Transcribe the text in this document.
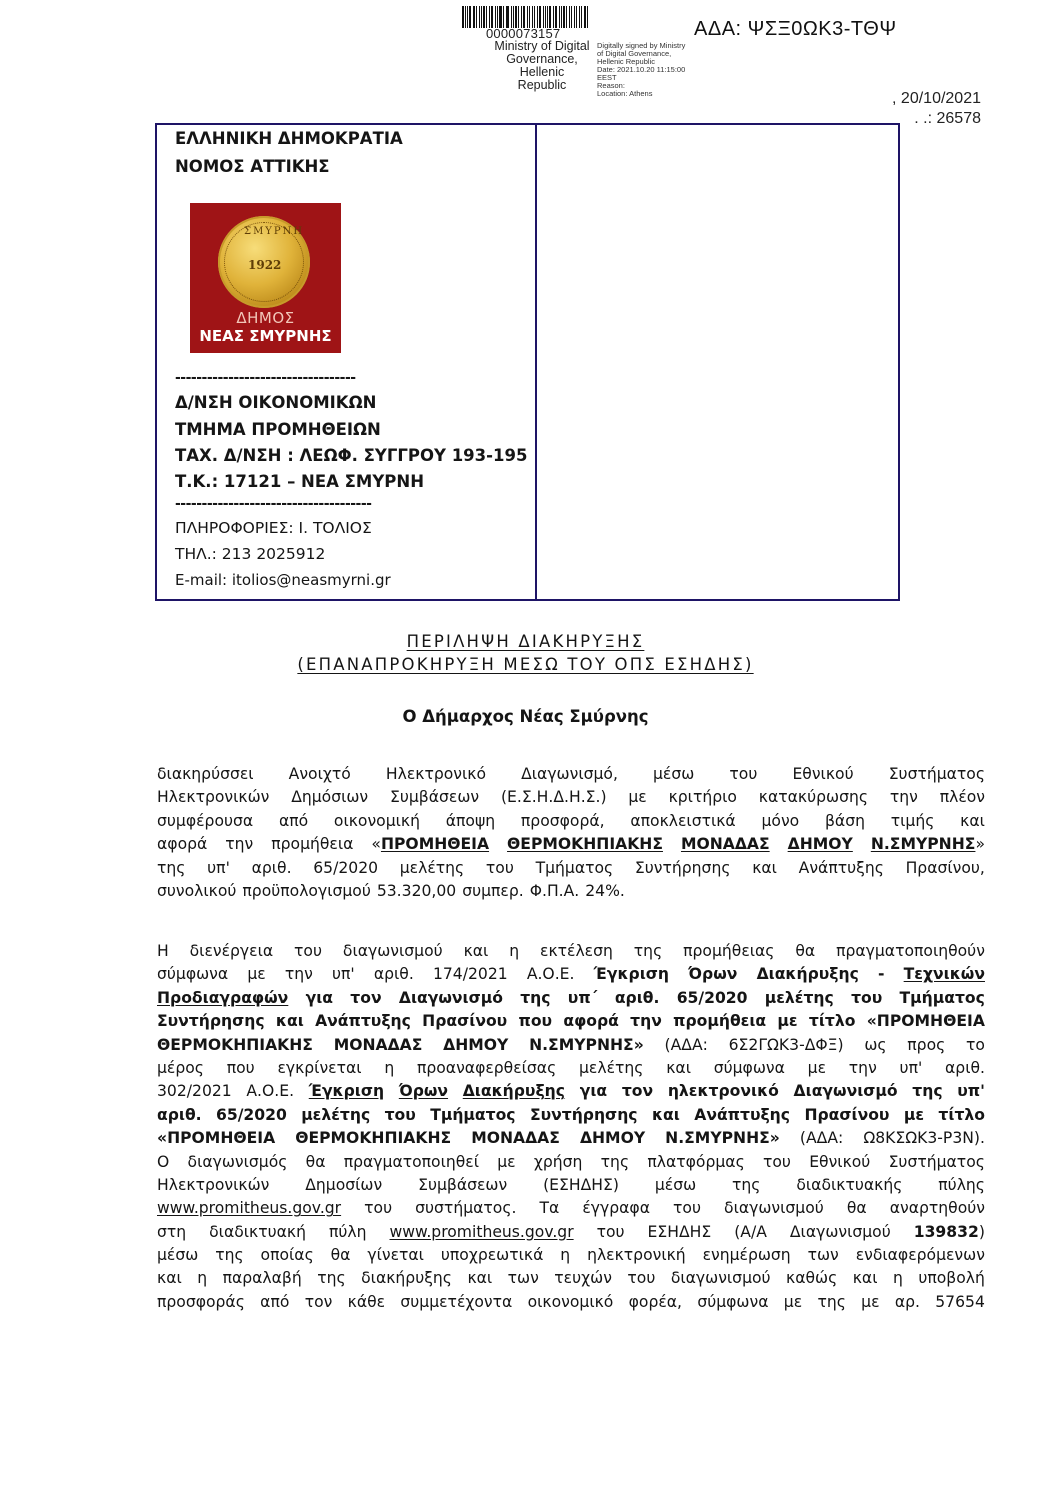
0000073157
Ministry of Digital
Governance,
Hellenic Republic
Digitally signed by Ministry
of Digital Governance,
Hellenic Republic
Date: 2021.10.20 11:15:00
EEST
Reason:
Location: Athens
ΑΔΑ: ΨΣΞ0ΩΚ3-ΤΘΨ
, 20/10/2021
. .: 26578
ΕΛΛΗΝΙΚΗ ΔΗΜΟΚΡΑΤΙΑ
ΝΟΜΟΣ ΑΤΤΙΚΗΣ
ΣΜΥΡΝΗ
1922
ΔΗΜΟΣ
ΝΕΑΣ ΣΜΥΡΝΗΣ
----------------------------------
Δ/ΝΣΗ ΟΙΚΟΝΟΜΙΚΩΝ
ΤΜΗΜΑ ΠΡΟΜΗΘΕΙΩΝ
ΤΑΧ. Δ/ΝΣΗ : ΛΕΩΦ. ΣΥΓΓΡΟΥ 193-195
Τ.Κ.: 17121 – ΝΕΑ ΣΜΥΡΝΗ
-------------------------------------
ΠΛΗΡΟΦΟΡΙΕΣ: Ι. ΤΟΛΙΟΣ
ΤΗΛ.: 213 2025912
E-mail: itolios@neasmyrni.gr
ΠΕΡΙΛΗΨΗ ΔΙΑΚΗΡΥΞΗΣ
(ΕΠΑΝΑΠΡΟΚΗΡΥΞΗ ΜΕΣΩ ΤΟΥ ΟΠΣ ΕΣΗΔΗΣ)
Ο Δήμαρχος Νέας Σμύρνης
διακηρύσσει Ανοιχτό Ηλεκτρονικό Διαγωνισμό, μέσω του Εθνικού Συστήματος
Ηλεκτρονικών Δημόσιων Συμβάσεων (Ε.Σ.Η.Δ.Η.Σ.) με κριτήριο κατακύρωσης την πλέον
συμφέρουσα από οικονομική άποψη προσφορά, αποκλειστικά μόνο βάση τιμής και
αφορά την προμήθεια «ΠΡΟΜΗΘΕΙΑ ΘΕΡΜΟΚΗΠΙΑΚΗΣ ΜΟΝΑΔΑΣ ΔΗΜΟΥ Ν.ΣΜΥΡΝΗΣ»
της υπ' αριθ. 65/2020 μελέτης του Τμήματος Συντήρησης και Ανάπτυξης Πρασίνου,
συνολικού προϋπολογισμού 53.320,00 συμπερ. Φ.Π.Α. 24%.
Η διενέργεια του διαγωνισμού και η εκτέλεση της προμήθειας θα πραγματοποιηθούν
σύμφωνα με την υπ' αριθ. 174/2021 Α.Ο.Ε. Έγκριση Όρων Διακήρυξης - Τεχνικών
Προδιαγραφών για τον Διαγωνισμό της υπ΄ αριθ. 65/2020 μελέτης του Τμήματος
Συντήρησης και Ανάπτυξης Πρασίνου που αφορά την προμήθεια με τίτλο «ΠΡΟΜΗΘΕΙΑ
ΘΕΡΜΟΚΗΠΙΑΚΗΣ ΜΟΝΑΔΑΣ ΔΗΜΟΥ Ν.ΣΜΥΡΝΗΣ» (ΑΔΑ: 6Σ2ΓΩΚ3-ΔΦΞ) ως προς το
μέρος που εγκρίνεται η προαναφερθείσας μελέτης και σύμφωνα με την υπ' αριθ.
302/2021 Α.Ο.Ε. Έγκριση Όρων Διακήρυξης για τον ηλεκτρονικό Διαγωνισμό της υπ'
αριθ. 65/2020 μελέτης του Τμήματος Συντήρησης και Ανάπτυξης Πρασίνου με τίτλο
«ΠΡΟΜΗΘΕΙΑ ΘΕΡΜΟΚΗΠΙΑΚΗΣ ΜΟΝΑΔΑΣ ΔΗΜΟΥ Ν.ΣΜΥΡΝΗΣ» (ΑΔΑ: Ω8ΚΣΩΚ3-Ρ3Ν).
Ο διαγωνισμός θα πραγματοποιηθεί με χρήση της πλατφόρμας του Εθνικού Συστήματος
Ηλεκτρονικών Δημοσίων Συμβάσεων (ΕΣΗΔΗΣ) μέσω της διαδικτυακής πύλης
www.promitheus.gov.gr του συστήματος. Τα έγγραφα του διαγωνισμού θα αναρτηθούν
στη διαδικτυακή πύλη www.promitheus.gov.gr του ΕΣΗΔΗΣ (Α/Α Διαγωνισμού 139832)
μέσω της οποίας θα γίνεται υποχρεωτικά η ηλεκτρονική ενημέρωση των ενδιαφερόμενων
και η παραλαβή της διακήρυξης και των τευχών του διαγωνισμού καθώς και η υποβολή
προσφοράς από τον κάθε συμμετέχοντα οικονομικό φορέα, σύμφωνα με της με αρ. 57654
